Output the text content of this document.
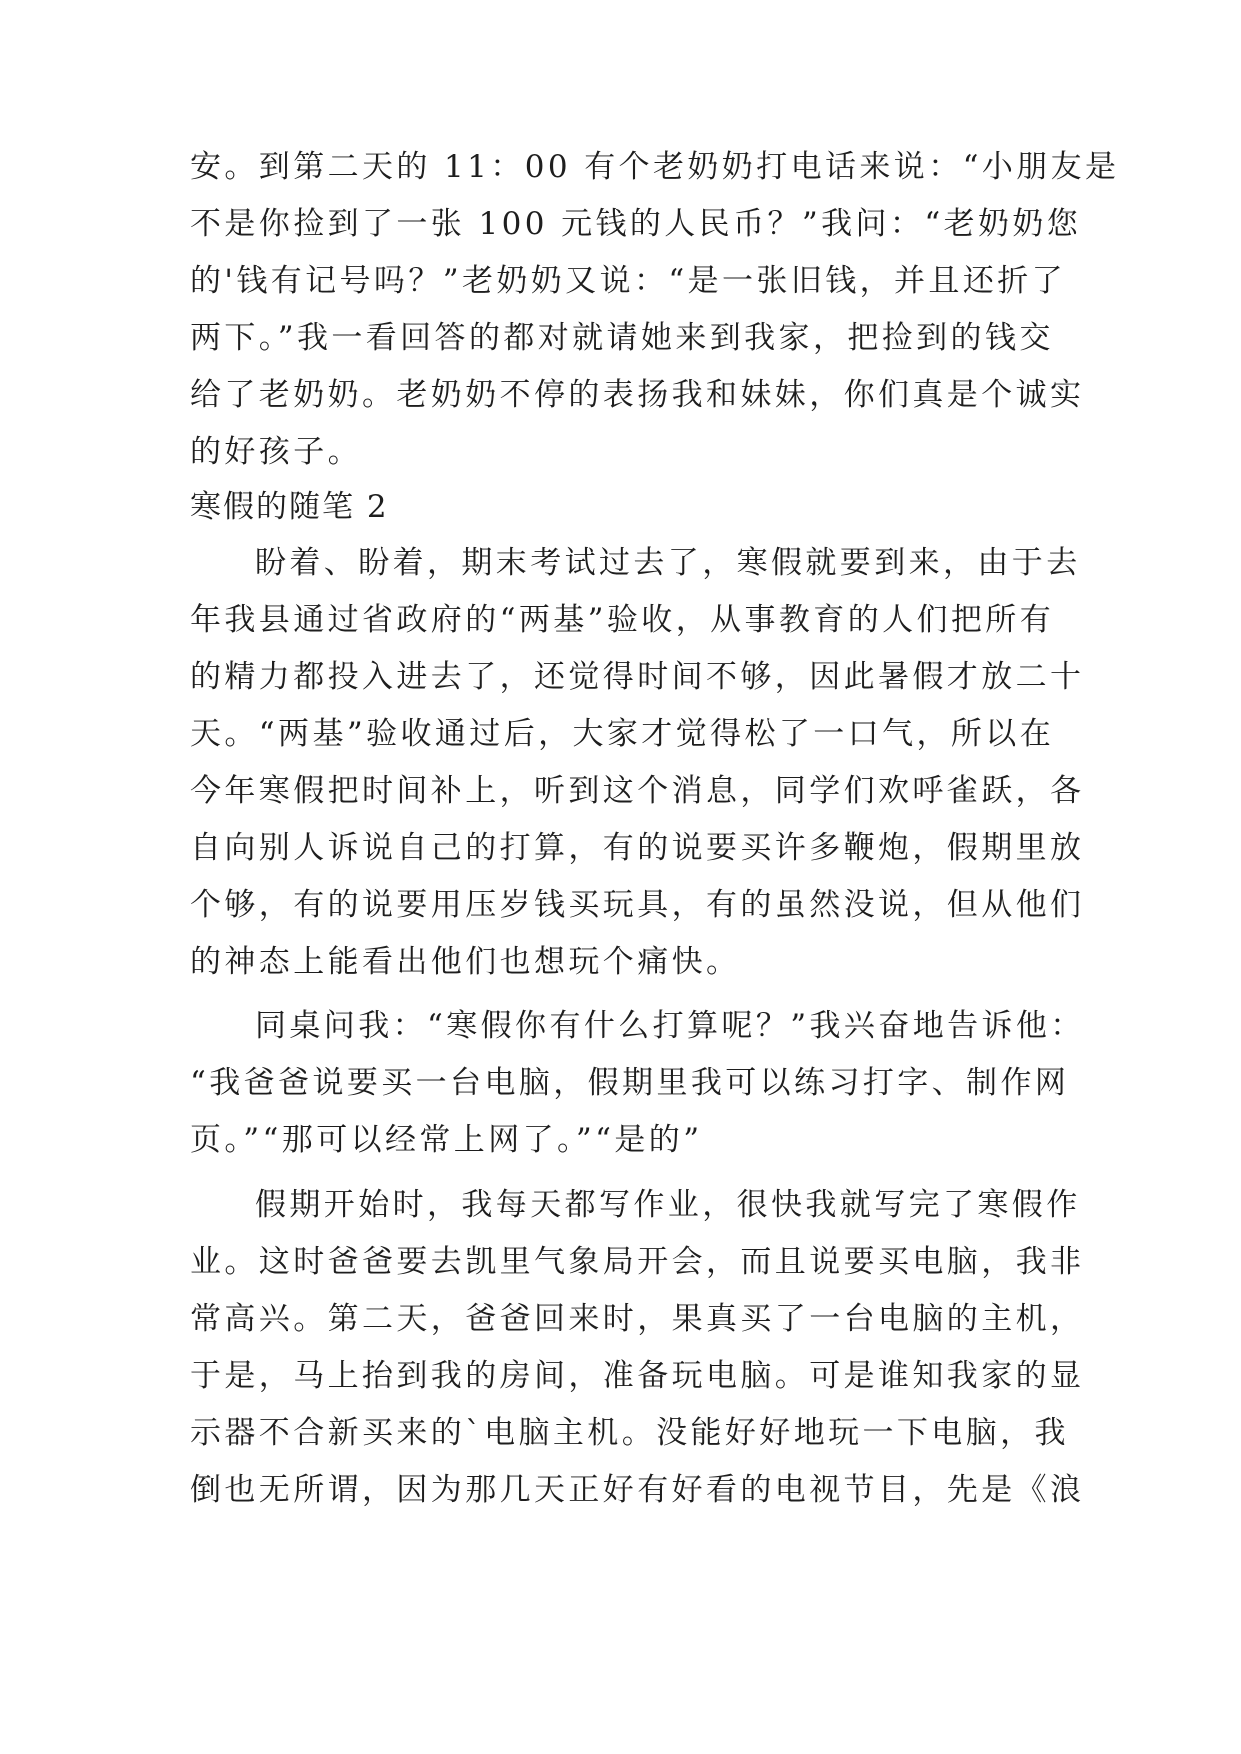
安。到第二天的 11：00 有个老奶奶打电话来说：“小朋友是
不是你捡到了一张 100 元钱的人民币？”我问：“老奶奶您
的'钱有记号吗？”老奶奶又说：“是一张旧钱，并且还折了
两下。”我一看回答的都对就请她来到我家，把捡到的钱交
给了老奶奶。老奶奶不停的表扬我和妹妹，你们真是个诚实
的好孩子。
寒假的随笔 2
盼着、盼着，期末考试过去了，寒假就要到来，由于去
年我县通过省政府的“两基”验收，从事教育的人们把所有
的精力都投入进去了，还觉得时间不够，因此暑假才放二十
天。“两基”验收通过后，大家才觉得松了一口气，所以在
今年寒假把时间补上，听到这个消息，同学们欢呼雀跃，各
自向别人诉说自己的打算，有的说要买许多鞭炮，假期里放
个够，有的说要用压岁钱买玩具，有的虽然没说，但从他们
的神态上能看出他们也想玩个痛快。
同桌问我：“寒假你有什么打算呢？”我兴奋地告诉他：
“我爸爸说要买一台电脑，假期里我可以练习打字、制作网
页。”“那可以经常上网了。”“是的”
假期开始时，我每天都写作业，很快我就写完了寒假作
业。这时爸爸要去凯里气象局开会，而且说要买电脑，我非
常高兴。第二天，爸爸回来时，果真买了一台电脑的主机，
于是，马上抬到我的房间，准备玩电脑。可是谁知我家的显
示器不合新买来的`电脑主机。没能好好地玩一下电脑，我
倒也无所谓，因为那几天正好有好看的电视节目，先是《浪
